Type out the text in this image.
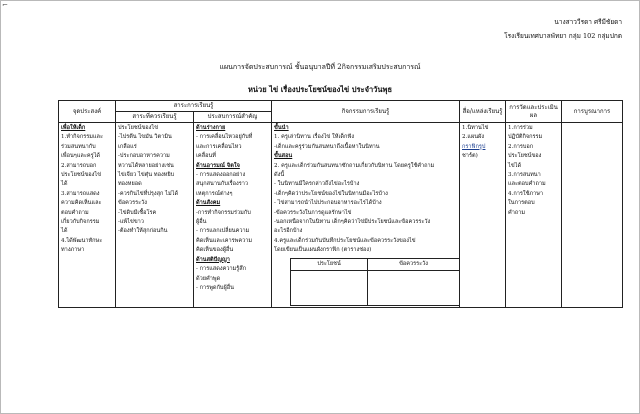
⌐
นางสาววีรดา ศรีมีชัยดา
โรงเรียนเทศบาลพัทยา กลุ่ม 102 กลุ่มปกต
แผนการจัดประสบการณ์ ชั้นอนุบาลปีที่ 2กิจกรรมเสริมประสบการณ์
หน่วย ไข่ เรื่องประโยชน์ของไข่ ประจำวันพุธ
จุดประสงค์	สาระการเรียนรู้	กิจกรรมการเรียนรู้	สื่อ/แหล่งเรียนรู้	การวัดและประเมินผล	การบูรณาการ
สาระที่ควรเรียนรู้	ประสบการณ์สำคัญ

เพื่อให้เด็ก
1.ทำกิจกรรมและ
ร่วมสนทนากับ
เพื่อนๆและครูได้
2.สามารถบอก
ประโยชน์ของไข่
ได้
3.สามารถแสดง
ความคิดเห็นและ
ตอบคำถาม
เกี่ยวกับกิจกรรม
ได้
4.ได้พัฒนาทักษะ
ทางภาษา

ประโยชน์ของไข่
-ไปรตีน ไขมัน วิตามิน
เกลือแร่
-ประกอบอาหารความ
หวานได้หลายอย่างเช่น
ไข่เจียว ไข่ตุ๋น ทองหยิบ
ทองหยอด
-ควรกินไข่ที่ปรุงสุก ไม่ได้
ข้อควรระวัง
-ไข่ดิบมีเชื้อโรค
-แพ้ไข่ขาว
-ต้องทำให้สุกก่อนกิน

ด้านร่างกาย
- การเคลื่อนไหวอยู่กับที่
และการเคลื่อนไหว
เคลื่อนที่
ด้านอารมณ์ จิตใจ
- การแสดงออกอย่าง
สนุกสนานกับเรื่องราว
เหตุการณ์ต่างๆ
ด้านสังคม
-การทำกิจกรรมร่วมกับ
ผู้อื่น
- การแลกเปลี่ยนความ
คิดเห็นและเคารพความ
คิดเห็นของผู้อื่น
ด้านสติปัญญา
- การแสดงความรู้สึก
ด้วยคำพูด
- การพูดกับผู้อื่น

ขั้นนำ
1. ครูเล่านิทาน เรื่องไข่ ให้เด็กฟัง
-เด็กและครูร่วมกันสนทนาถึงเนื้อหาในนิทาน
ขั้นสอน
2. ครูและเด็กร่วมกันสนทนาซักถามเกี่ยวกับนิทาน โดยครูใช้คำถาม
ดังนี้
- ในนิทานมีใครกล่าวถึงไข่อะไรบ้าง
-เด็กๆคิดว่าประโยชน์ของไข่ในนิทานมีอะไรบ้าง
- ไข่สามารถนำไปประกอบอาหารอะไรได้บ้าง
-ข้อควรระวังในการดูแลรักษาไข่
-นอกเหนือจากในนิทาน เด็กๆคิดว่าไข่มีประโยชน์และข้อควรระวัง
อะไรอีกบ้าง
4.ครูและเด็กร่วมกันบันทึกประโยชน์และข้อควรระวังของไข่
โดยเขียนเป็นแผนผังกราฟิก (ตารางช่อง)
ประโยชน์	ข้อควรระวัง

1.นิทานไข่
2.แผนผัง
กราฟิกรูป
ชาร์ต)

1.การร่วม
ปฏิบัติกิจกรรม
2.การบอก
ประโยชน์ของ
ไข่ได้
3.การสนทนา
และตอบคำถาม
4.การใช้ภาษา
ในการตอบ
คำถาม
